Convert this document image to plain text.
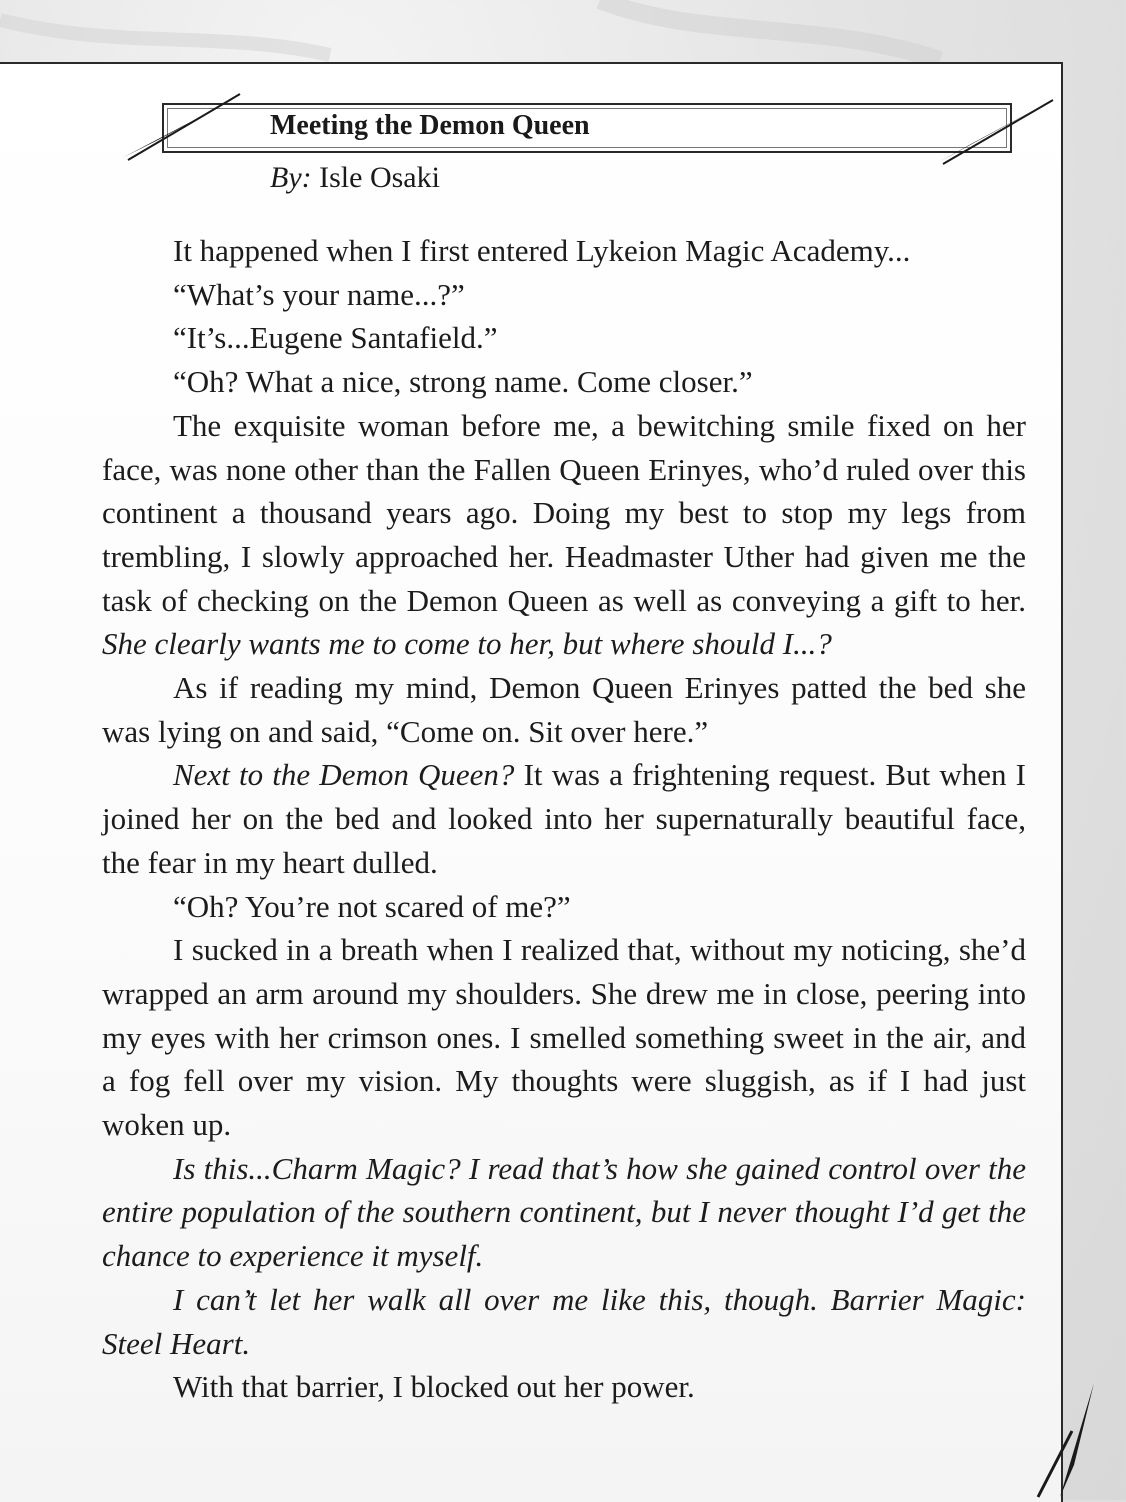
Meeting the Demon Queen
By: Isle Osaki

It happened when I first entered Lykeion Magic Academy...

“What’s your name...?”

“It’s...Eugene Santafield.”

“Oh? What a nice, strong name. Come closer.”

The exquisite woman before me, a bewitching smile fixed on her face, was none other than the Fallen Queen Erinyes, who’d ruled over this continent a thousand years ago. Doing my best to stop my legs from trembling, I slowly approached her. Headmaster Uther had given me the task of checking on the Demon Queen as well as conveying a gift to her. She clearly wants me to come to her, but where should I...?

As if reading my mind, Demon Queen Erinyes patted the bed she was lying on and said, “Come on. Sit over here.”

Next to the Demon Queen? It was a frightening request. But when I joined her on the bed and looked into her supernaturally beautiful face, the fear in my heart dulled.

“Oh? You’re not scared of me?”

I sucked in a breath when I realized that, without my noticing, she’d wrapped an arm around my shoulders. She drew me in close, peering into my eyes with her crimson ones. I smelled something sweet in the air, and a fog fell over my vision. My thoughts were sluggish, as if I had just woken up.

Is this...Charm Magic? I read that’s how she gained control over the entire population of the southern continent, but I never thought I’d get the chance to experience it myself.

I can’t let her walk all over me like this, though. Barrier Magic: Steel Heart.

With that barrier, I blocked out her power.
